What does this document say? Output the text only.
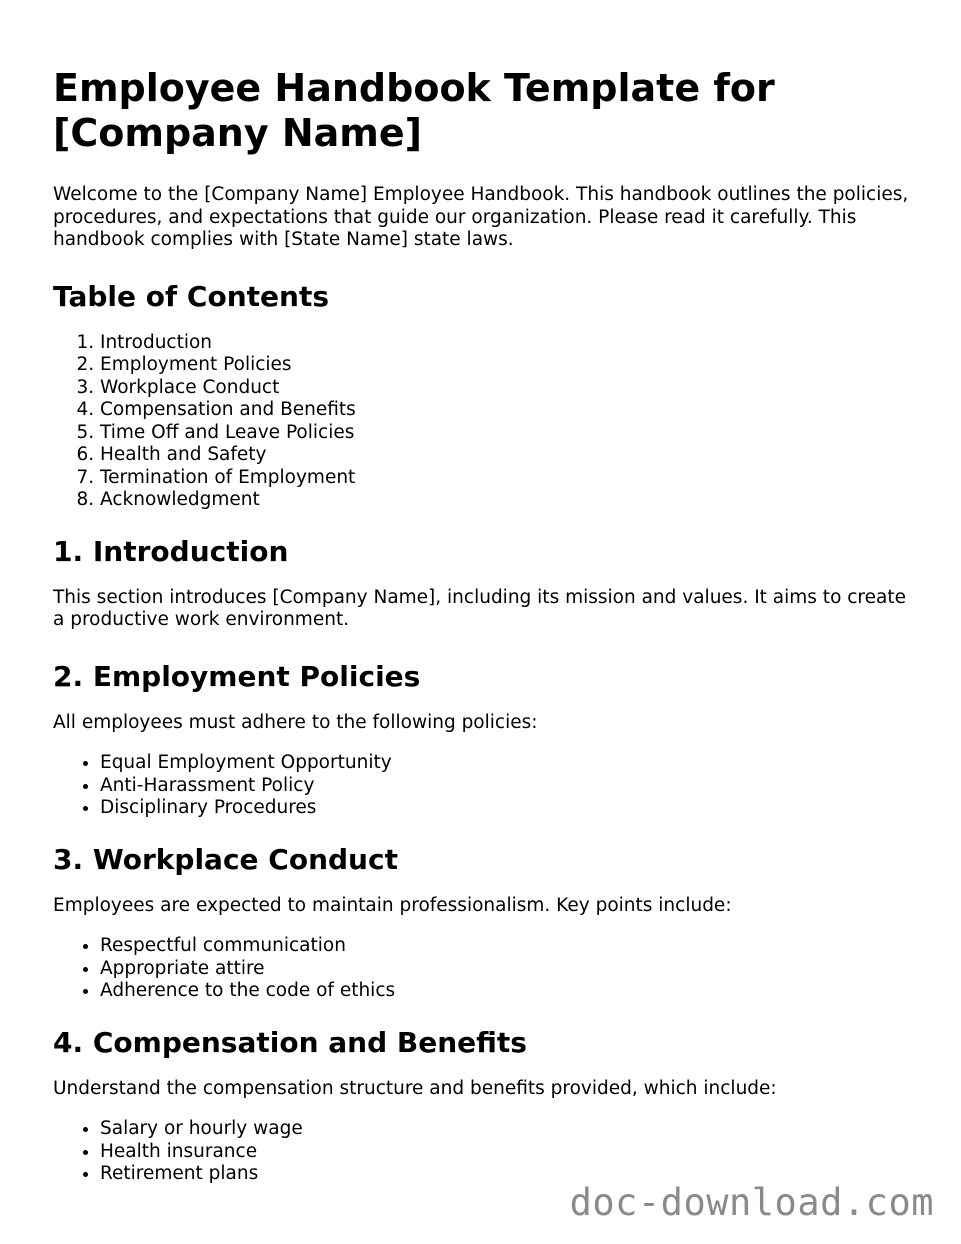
Employee Handbook Template for [Company Name]

Welcome to the [Company Name] Employee Handbook. This handbook outlines the policies, procedures, and expectations that guide our organization. Please read it carefully. This handbook complies with [State Name] state laws.

Table of Contents
1. Introduction
2. Employment Policies
3. Workplace Conduct
4. Compensation and Benefits
5. Time Off and Leave Policies
6. Health and Safety
7. Termination of Employment
8. Acknowledgment
1. Introduction

This section introduces [Company Name], including its mission and values. It aims to create a productive work environment.

2. Employment Policies

All employees must adhere to the following policies:

• Equal Employment Opportunity
• Anti-Harassment Policy
• Disciplinary Procedures
3. Workplace Conduct

Employees are expected to maintain professionalism. Key points include:

• Respectful communication
• Appropriate attire
• Adherence to the code of ethics
4. Compensation and Benefits

Understand the compensation structure and benefits provided, which include:

• Salary or hourly wage
• Health insurance
• Retirement plans
doc-download.com
